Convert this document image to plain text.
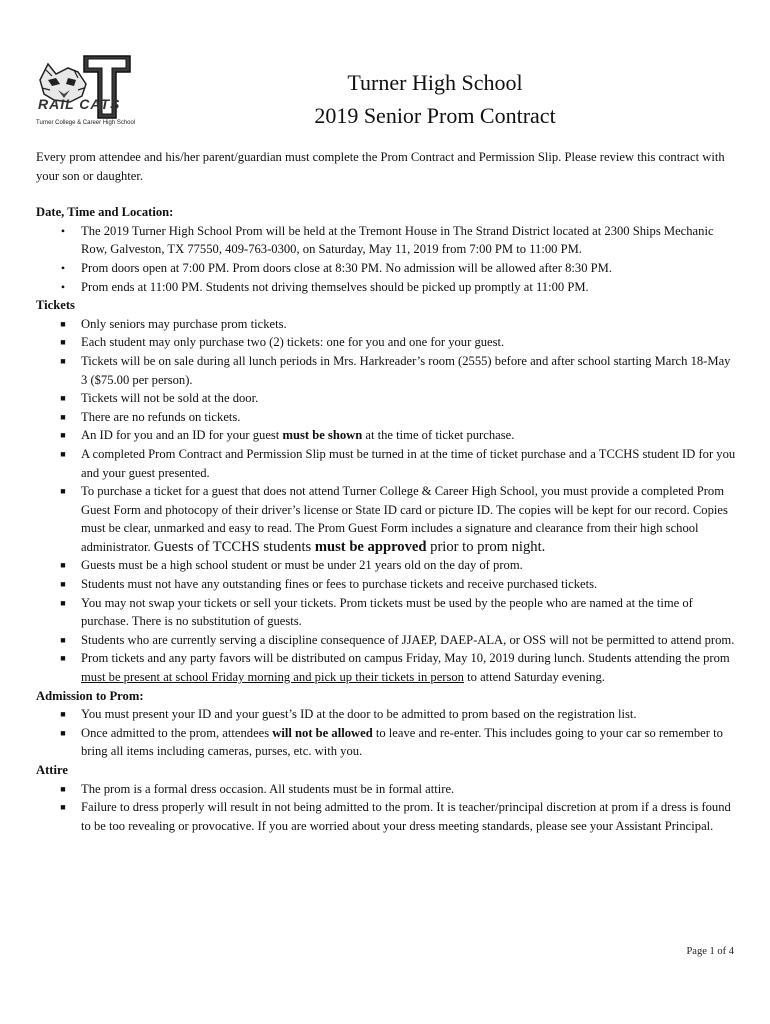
RAIL CATS
Turner College & Career High School
Turner High School
2019 Senior Prom Contract

Every prom attendee and his/her parent/guardian must complete the Prom Contract and Permission Slip. Please review this contract with your son or daughter.

Date, Time and Location:

•	The 2019 Turner High School Prom will be held at the Tremont House in The Strand District located at 2300 Ships Mechanic Row, Galveston, TX 77550, 409-763-0300, on Saturday, May 11, 2019 from 7:00 PM to 11:00 PM.
•	Prom doors open at 7:00 PM. Prom doors close at 8:30 PM. No admission will be allowed after 8:30 PM.
•	Prom ends at 11:00 PM. Students not driving themselves should be picked up promptly at 11:00 PM.

Tickets

■ Only seniors may purchase prom tickets.
■ Each student may only purchase two (2) tickets: one for you and one for your guest.
■ Tickets will be on sale during all lunch periods in Mrs. Harkreader’s room (2555) before and after school starting March 18-May 3 ($75.00 per person).
■ Tickets will not be sold at the door.
■ There are no refunds on tickets.
■ An ID for you and an ID for your guest must be shown at the time of ticket purchase.
■ A completed Prom Contract and Permission Slip must be turned in at the time of ticket purchase and a TCCHS student ID for you and your guest presented.
■ To purchase a ticket for a guest that does not attend Turner College & Career High School, you must provide a completed Prom Guest Form and photocopy of their driver’s license or State ID card or picture ID. The copies will be kept for our record. Copies must be clear, unmarked and easy to read. The Prom Guest Form includes a signature and clearance from their high school administrator. Guests of TCCHS students must be approved prior to prom night.
■ Guests must be a high school student or must be under 21 years old on the day of prom.
■ Students must not have any outstanding fines or fees to purchase tickets and receive purchased tickets.
■ You may not swap your tickets or sell your tickets. Prom tickets must be used by the people who are named at the time of purchase. There is no substitution of guests.
■ Students who are currently serving a discipline consequence of JJAEP, DAEP-ALA, or OSS will not be permitted to attend prom.
■ Prom tickets and any party favors will be distributed on campus Friday, May 10, 2019 during lunch. Students attending the prom must be present at school Friday morning and pick up their tickets in person to attend Saturday evening.

Admission to Prom:

■ You must present your ID and your guest’s ID at the door to be admitted to prom based on the registration list.
■ Once admitted to the prom, attendees will not be allowed to leave and re-enter. This includes going to your car so remember to bring all items including cameras, purses, etc. with you.

Attire

■ The prom is a formal dress occasion. All students must be in formal attire.
■ Failure to dress properly will result in not being admitted to the prom. It is teacher/principal discretion at prom if a dress is found to be too revealing or provocative. If you are worried about your dress meeting standards, please see your Assistant Principal.
Page 1 of 4
